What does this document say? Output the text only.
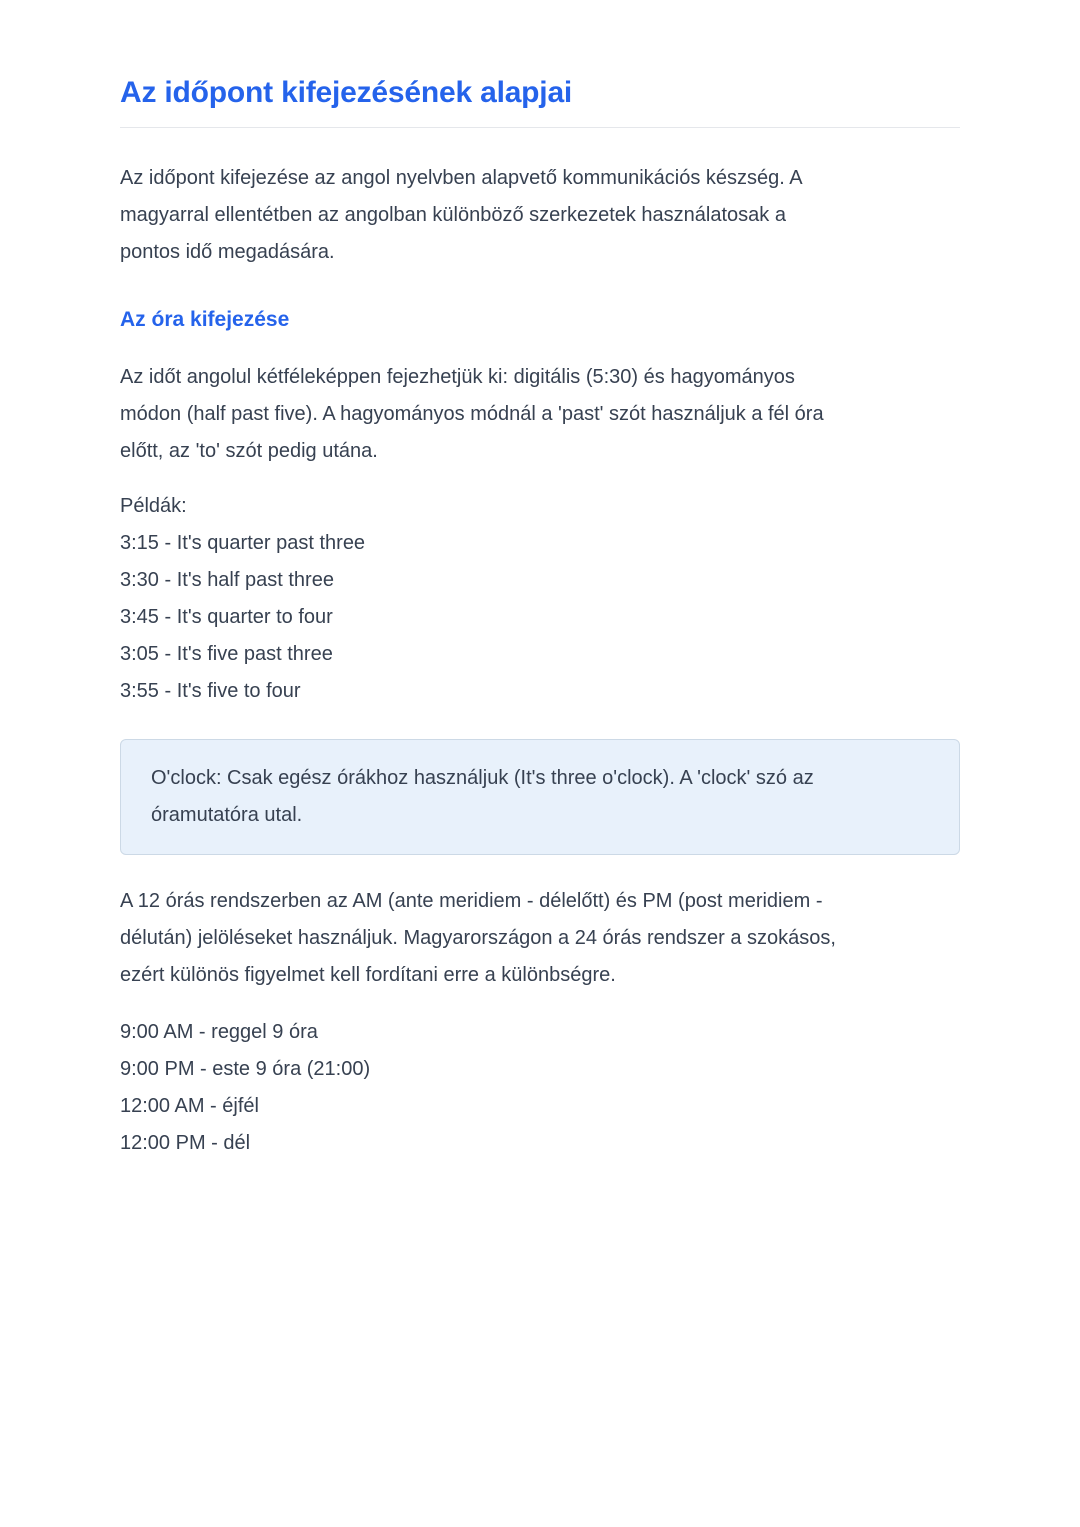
Az időpont kifejezésének alapjai
Az időpont kifejezése az angol nyelvben alapvető kommunikációs készség. A
magyarral ellentétben az angolban különböző szerkezetek használatosak a
pontos idő megadására.
Az óra kifejezése
Az időt angolul kétféleképpen fejezhetjük ki: digitális (5:30) és hagyományos
módon (half past five). A hagyományos módnál a 'past' szót használjuk a fél óra
előtt, az 'to' szót pedig utána.
Példák:
3:15 - It's quarter past three
3:30 - It's half past three
3:45 - It's quarter to four
3:05 - It's five past three
3:55 - It's five to four
O'clock: Csak egész órákhoz használjuk (It's three o'clock). A 'clock' szó az
óramutatóra utal.
A 12 órás rendszerben az AM (ante meridiem - délelőtt) és PM (post meridiem -
délután) jelöléseket használjuk. Magyarországon a 24 órás rendszer a szokásos,
ezért különös figyelmet kell fordítani erre a különbségre.
9:00 AM - reggel 9 óra
9:00 PM - este 9 óra (21:00)
12:00 AM - éjfél
12:00 PM - dél
